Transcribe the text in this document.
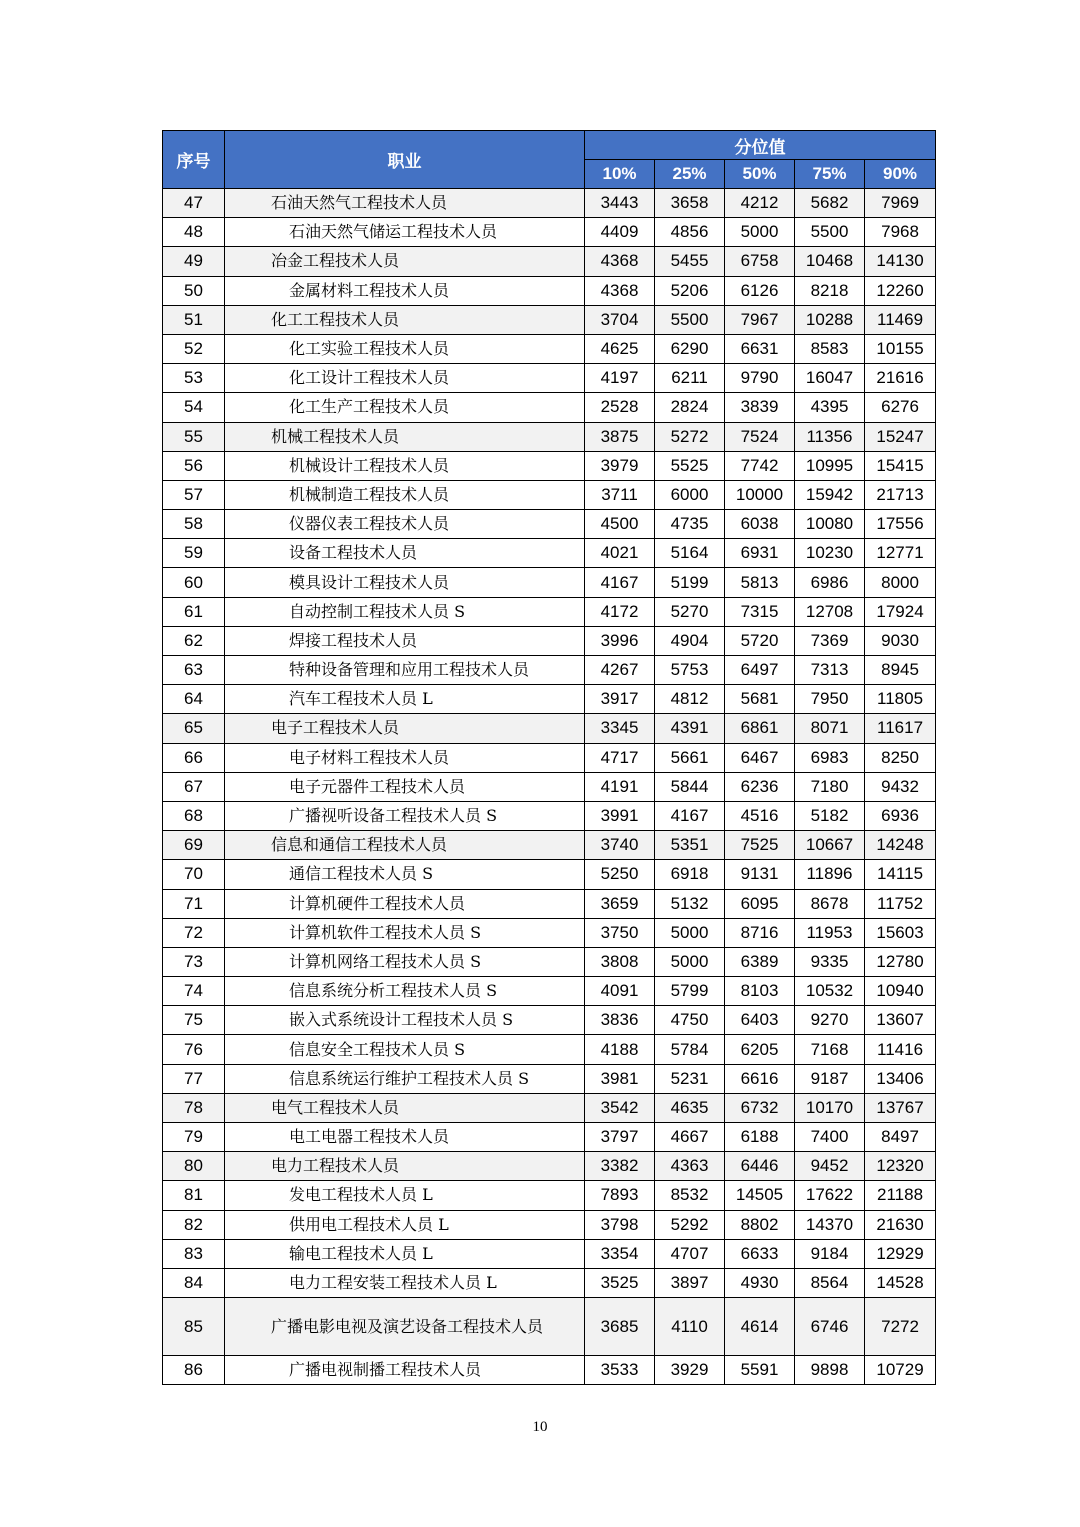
序号	职业	分位值				
		10%	25%	50%	75%	90%
47	石油天然气工程技术人员	3443	3658	4212	5682	7969
48	石油天然气储运工程技术人员	4409	4856	5000	5500	7968
49	冶金工程技术人员	4368	5455	6758	10468	14130
50	金属材料工程技术人员	4368	5206	6126	8218	12260
51	化工工程技术人员	3704	5500	7967	10288	11469
52	化工实验工程技术人员	4625	6290	6631	8583	10155
53	化工设计工程技术人员	4197	6211	9790	16047	21616
54	化工生产工程技术人员	2528	2824	3839	4395	6276
55	机械工程技术人员	3875	5272	7524	11356	15247
56	机械设计工程技术人员	3979	5525	7742	10995	15415
57	机械制造工程技术人员	3711	6000	10000	15942	21713
58	仪器仪表工程技术人员	4500	4735	6038	10080	17556
59	设备工程技术人员	4021	5164	6931	10230	12771
60	模具设计工程技术人员	4167	5199	5813	6986	8000
61	自动控制工程技术人员 S	4172	5270	7315	12708	17924
62	焊接工程技术人员	3996	4904	5720	7369	9030
63	特种设备管理和应用工程技术人员	4267	5753	6497	7313	8945
64	汽车工程技术人员 L	3917	4812	5681	7950	11805
65	电子工程技术人员	3345	4391	6861	8071	11617
66	电子材料工程技术人员	4717	5661	6467	6983	8250
67	电子元器件工程技术人员	4191	5844	6236	7180	9432
68	广播视听设备工程技术人员 S	3991	4167	4516	5182	6936
69	信息和通信工程技术人员	3740	5351	7525	10667	14248
70	通信工程技术人员 S	5250	6918	9131	11896	14115
71	计算机硬件工程技术人员	3659	5132	6095	8678	11752
72	计算机软件工程技术人员 S	3750	5000	8716	11953	15603
73	计算机网络工程技术人员 S	3808	5000	6389	9335	12780
74	信息系统分析工程技术人员 S	4091	5799	8103	10532	10940
75	嵌入式系统设计工程技术人员 S	3836	4750	6403	9270	13607
76	信息安全工程技术人员 S	4188	5784	6205	7168	11416
77	信息系统运行维护工程技术人员 S	3981	5231	6616	9187	13406
78	电气工程技术人员	3542	4635	6732	10170	13767
79	电工电器工程技术人员	3797	4667	6188	7400	8497
80	电力工程技术人员	3382	4363	6446	9452	12320
81	发电工程技术人员 L	7893	8532	14505	17622	21188
82	供用电工程技术人员 L	3798	5292	8802	14370	21630
83	输电工程技术人员 L	3354	4707	6633	9184	12929
84	电力工程安装工程技术人员 L	3525	3897	4930	8564	14528
85	广播电影电视及演艺设备工程技术人员	3685	4110	4614	6746	7272
86	广播电视制播工程技术人员	3533	3929	5591	9898	10729
10
